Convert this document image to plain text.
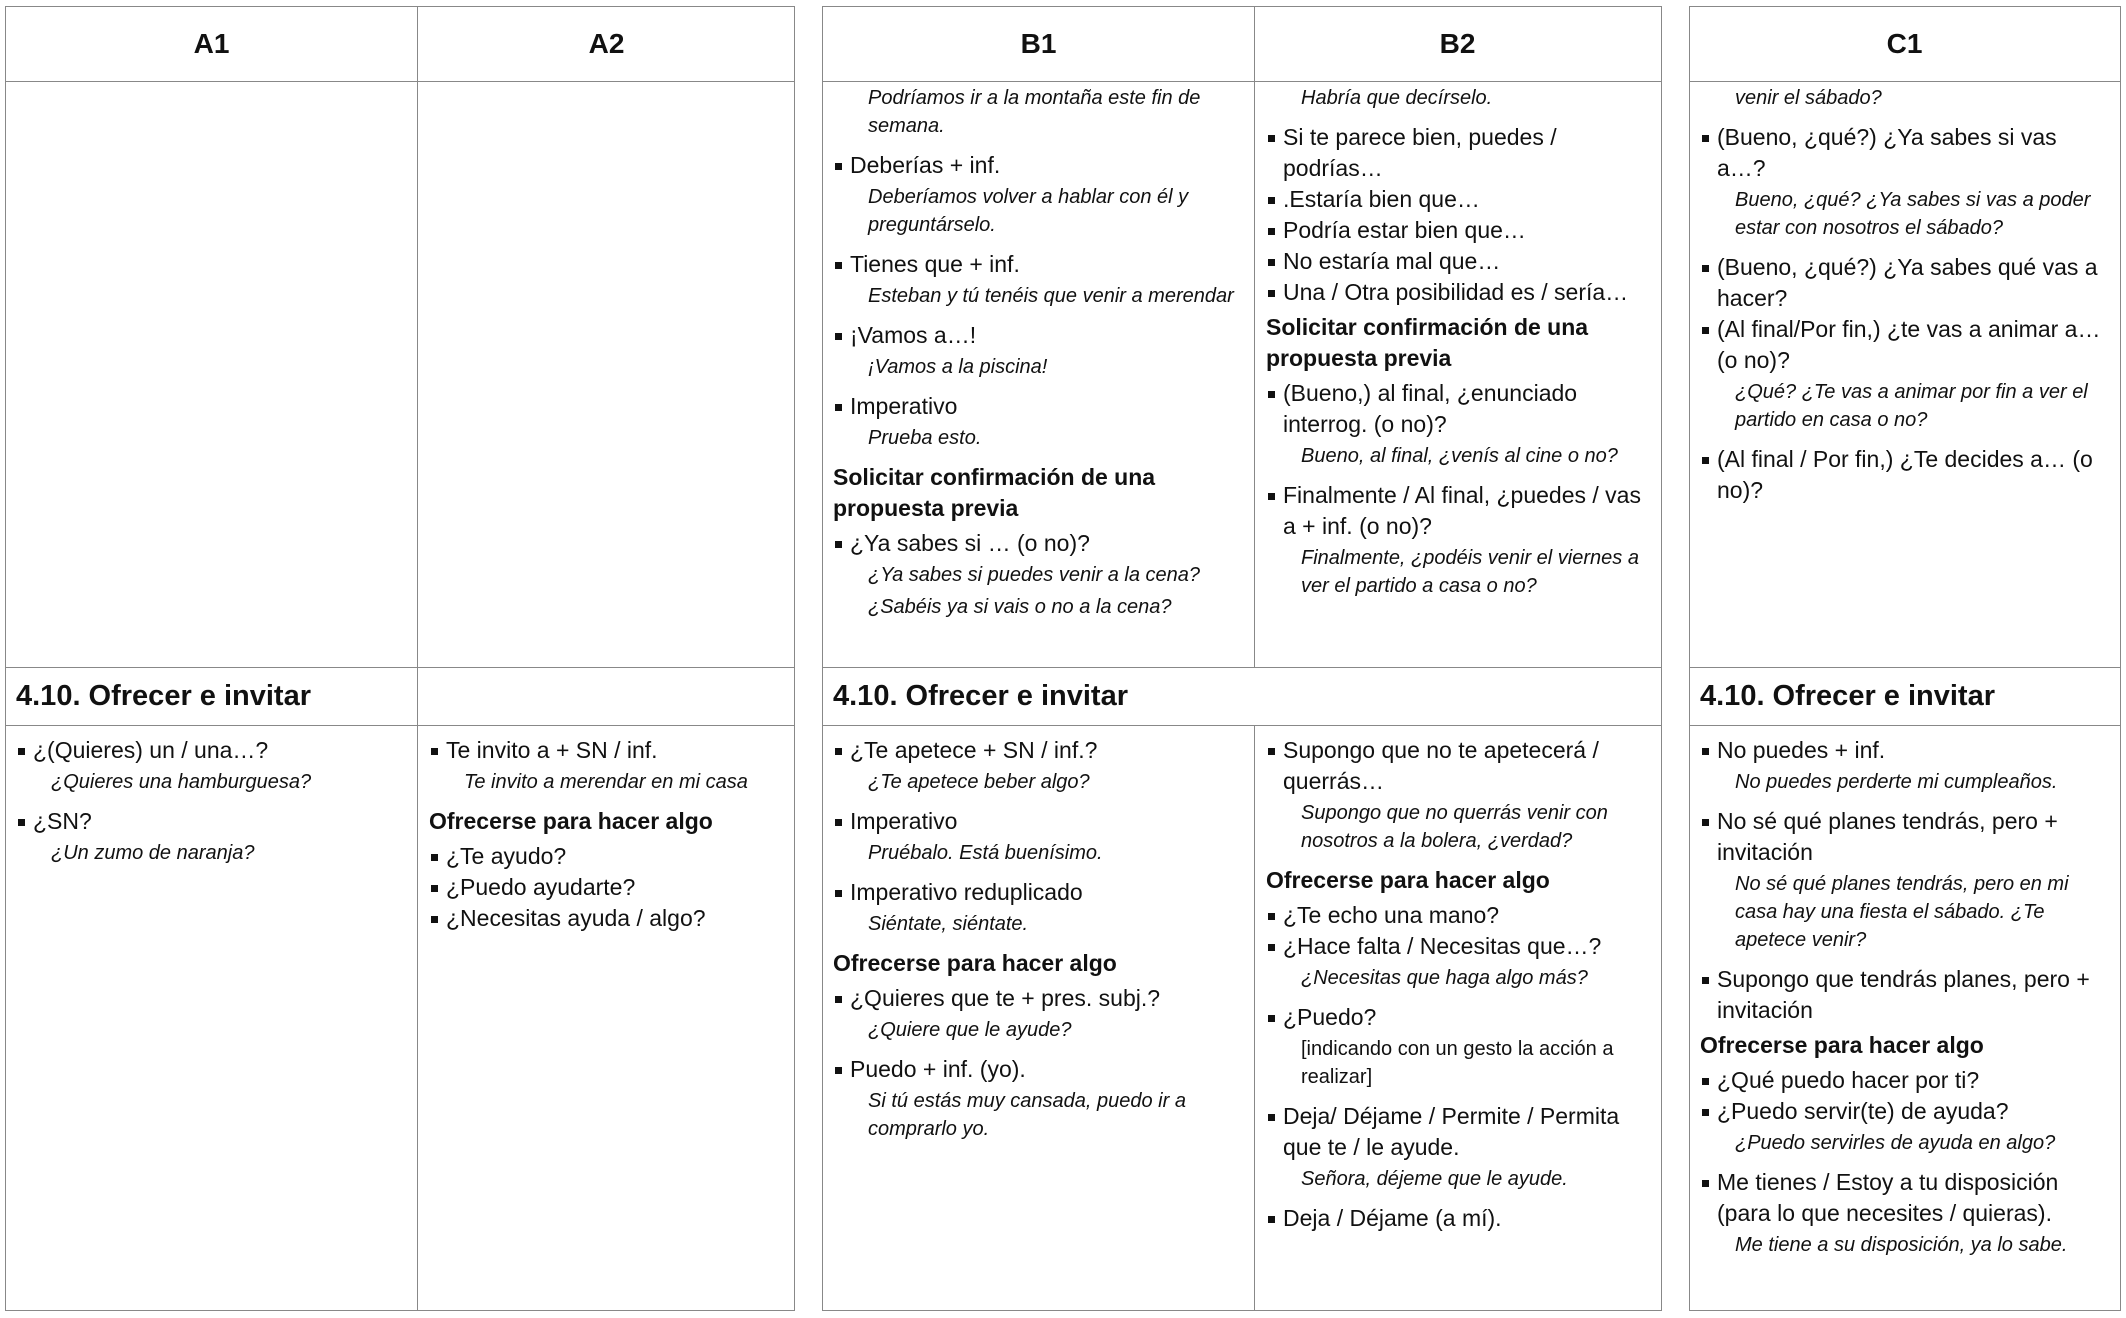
A1	A2
4.10. Ofrecer e invitar
¿(Quieres) un / una…?
¿Quieres una hamburguesa?
¿SN?
¿Un zumo de naranja?
Te invito a + SN / inf.
Te invito a merendar en mi casa
Ofrecerse para hacer algo
¿Te ayudo?
¿Puedo ayudarte?
¿Necesitas ayuda / algo?
B1	B2
Podríamos ir a la montaña este fin de semana.
Deberías + inf.
Deberíamos volver a hablar con él y preguntárselo.
Tienes que + inf.
Esteban y tú tenéis que venir a merendar
¡Vamos a…!
¡Vamos a la piscina!
Imperativo
Prueba esto.
Solicitar confirmación de una propuesta previa
¿Ya sabes si … (o no)?
¿Ya sabes si puedes venir a la cena?
¿Sabéis ya si vais o no a la cena?
Habría que decírselo.
Si te parece bien, puedes / podrías…
.Estaría bien que…
Podría estar bien que…
No estaría mal que…
Una / Otra posibilidad es / sería…
Solicitar confirmación de una propuesta previa
(Bueno,) al final, ¿enunciado interrog. (o no)?
Bueno, al final, ¿venís al cine o no?
Finalmente / Al final, ¿puedes / vas a + inf. (o no)?
Finalmente, ¿podéis venir el viernes a ver el partido a casa o no?
4.10. Ofrecer e invitar
¿Te apetece + SN / inf.?
¿Te apetece beber algo?
Imperativo
Pruébalo. Está buenísimo.
Imperativo reduplicado
Siéntate, siéntate.
Ofrecerse para hacer algo
¿Quieres que te + pres. subj.?
¿Quiere que le ayude?
Puedo + inf. (yo).
Si tú estás muy cansada, puedo ir a comprarlo yo.
Supongo que no te apetecerá / querrás…
Supongo que no querrás venir con nosotros a la bolera, ¿verdad?
Ofrecerse para hacer algo
¿Te echo una mano?
¿Hace falta / Necesitas que…?
¿Necesitas que haga algo más?
¿Puedo?
[indicando con un gesto la acción a realizar]
Deja/ Déjame / Permite / Permita que te / le ayude.
Señora, déjeme que le ayude.
Deja / Déjame (a mí).
C1
venir el sábado?
(Bueno, ¿qué?) ¿Ya sabes si vas a…?
Bueno, ¿qué? ¿Ya sabes si vas a poder estar con nosotros el sábado?
(Bueno, ¿qué?) ¿Ya sabes qué vas a hacer?
(Al final/Por fin,) ¿te vas a animar a… (o no)?
¿Qué? ¿Te vas a animar por fin a ver el partido en casa o no?
(Al final / Por fin,) ¿Te decides a… (o no)?
4.10. Ofrecer e invitar
No puedes + inf.
No puedes perderte mi cumpleaños.
No sé qué planes tendrás, pero + invitación
No sé qué planes tendrás, pero en mi casa hay una fiesta el sábado. ¿Te apetece venir?
Supongo que tendrás planes, pero + invitación
Ofrecerse para hacer algo
¿Qué puedo hacer por ti?
¿Puedo servir(te) de ayuda?
¿Puedo servirles de ayuda en algo?
Me tienes / Estoy a tu disposición (para lo que necesites / quieras).
Me tiene a su disposición, ya lo sabe.
